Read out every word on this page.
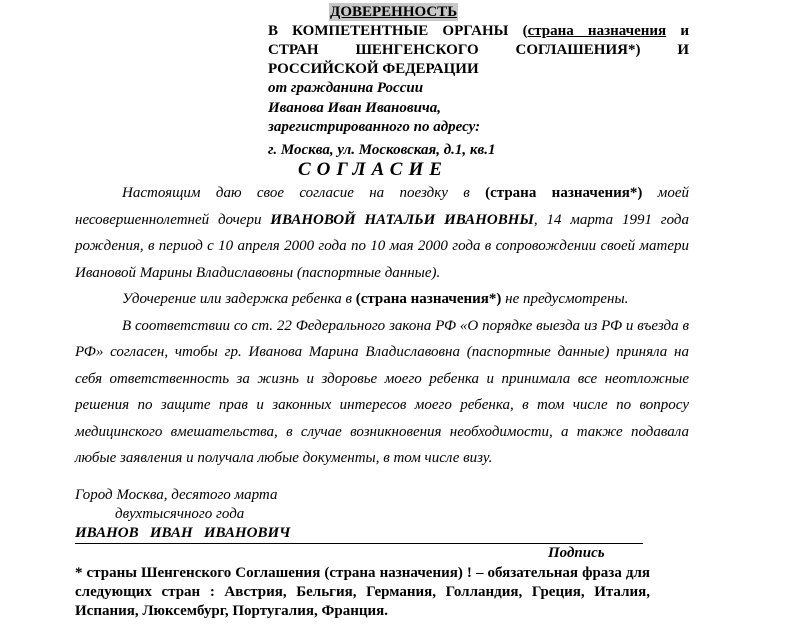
ДОВЕРЕННОСТЬ
В КОМПЕТЕНТНЫЕ ОРГАНЫ (страна назначения и СТРАН ШЕНГЕНСКОГО СОГЛАШЕНИЯ*) И РОССИЙСКОЙ ФЕДЕРАЦИИ
от гражданина России
Иванова Иван Ивановича,
зарегистрированного по адресу:
г. Москва, ул. Московская, д.1, кв.1
СОГЛАСИЕ

Настоящим даю свое согласие на поездку в (страна назначения*) моей несовершеннолетней дочери ИВАНОВОЙ НАТАЛЬИ ИВАНОВНЫ, 14 марта 1991 года рождения, в период с 10 апреля 2000 года по 10 мая 2000 года в сопровождении своей матери Ивановой Марины Владиславовны (паспортные данные).

Удочерение или задержка ребенка в (страна назначения*) не предусмотрены.

В соответствии со ст. 22 Федерального закона РФ «О порядке выезда из РФ и въезда в РФ» согласен, чтобы гр. Иванова Марина Владиславовна (паспортные данные) приняла на себя ответственность за жизнь и здоровье моего ребенка и принимала все неотложные решения по защите прав и законных интересов моего ребенка, в том числе по вопросу медицинского вмешательства, в случае возникновения необходимости, а также подавала любые заявления и получала любые документы, в том числе визу.

Город Москва, десятого марта
двухтысячного года
ИВАНОВ   ИВАН   ИВАНОВИЧ
Подпись

* страны Шенгенского Соглашения (страна назначения) ! – обязательная фраза для следующих стран : Австрия, Бельгия, Германия, Голландия, Греция, Италия, Испания, Люксембург, Португалия, Франция.
